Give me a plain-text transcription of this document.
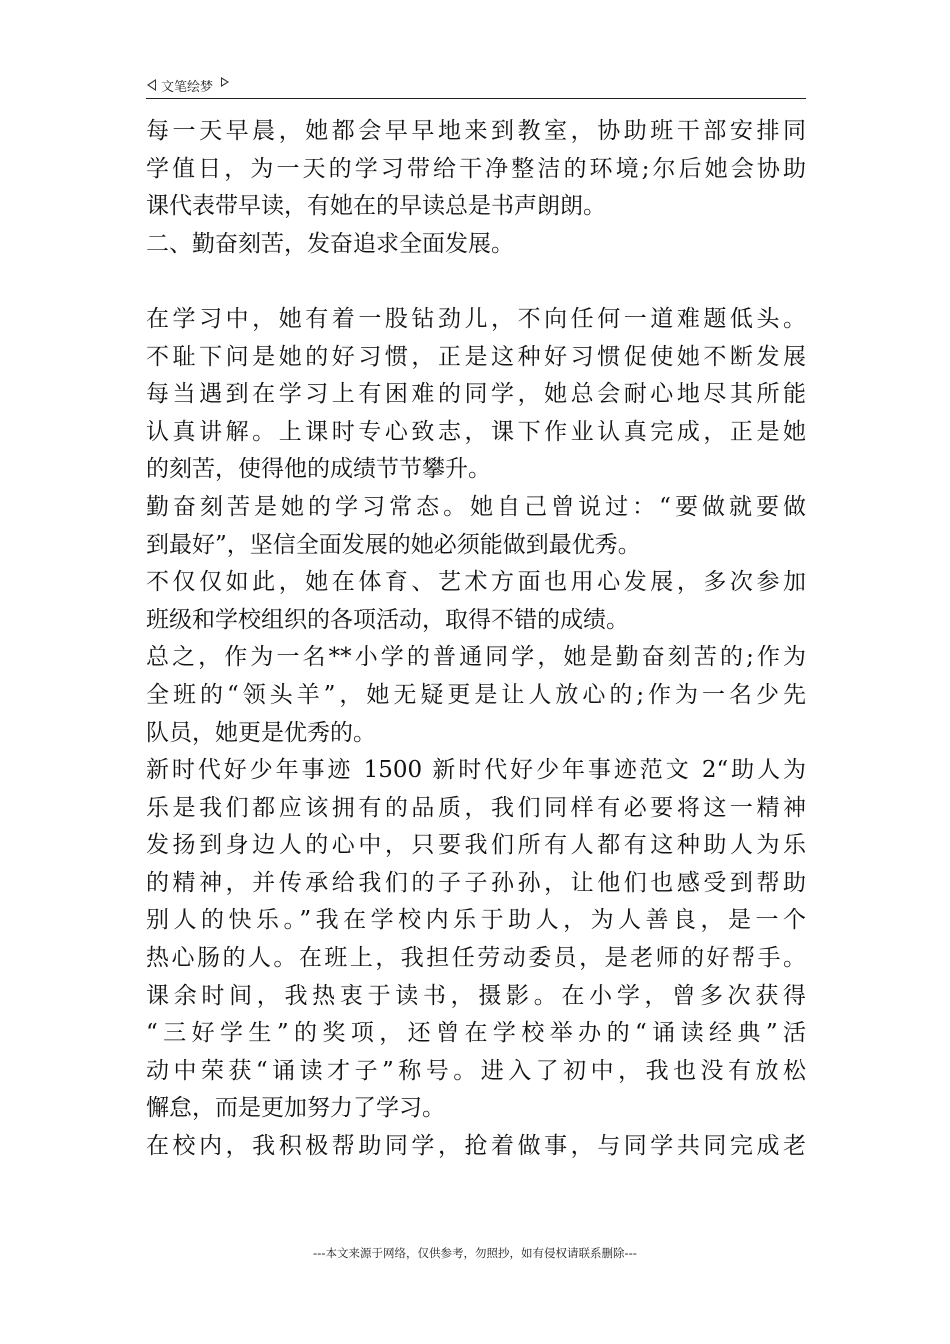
文笔绘梦
每一天早晨，她都会早早地来到教室，协助班干部安排同
学值日，为一天的学习带给干净整洁的环境;尔后她会协助
课代表带早读，有她在的早读总是书声朗朗。
二、勤奋刻苦，发奋追求全面发展。
在学习中，她有着一股钻劲儿，不向任何一道难题低头。
不耻下问是她的好习惯，正是这种好习惯促使她不断发展
每当遇到在学习上有困难的同学，她总会耐心地尽其所能
认真讲解。上课时专心致志，课下作业认真完成，正是她
的刻苦，使得他的成绩节节攀升。
勤奋刻苦是她的学习常态。她自己曾说过：“要做就要做
到最好”，坚信全面发展的她必须能做到最优秀。
不仅仅如此，她在体育、艺术方面也用心发展，多次参加
班级和学校组织的各项活动，取得不错的成绩。
总之，作为一名**小学的普通同学，她是勤奋刻苦的;作为
全班的“领头羊”，她无疑更是让人放心的;作为一名少先
队员，她更是优秀的。
新时代好少年事迹 1500 新时代好少年事迹范文 2“助人为
乐是我们都应该拥有的品质，我们同样有必要将这一精神
发扬到身边人的心中，只要我们所有人都有这种助人为乐
的精神，并传承给我们的子子孙孙，让他们也感受到帮助
别人的快乐。”我在学校内乐于助人，为人善良，是一个
热心肠的人。在班上，我担任劳动委员，是老师的好帮手。
课余时间，我热衷于读书，摄影。在小学，曾多次获得
“三好学生”的奖项，还曾在学校举办的“诵读经典”活
动中荣获“诵读才子”称号。进入了初中，我也没有放松
懈怠，而是更加努力了学习。
在校内，我积极帮助同学，抢着做事，与同学共同完成老
---本文来源于网络，仅供参考，勿照抄，如有侵权请联系删除---
